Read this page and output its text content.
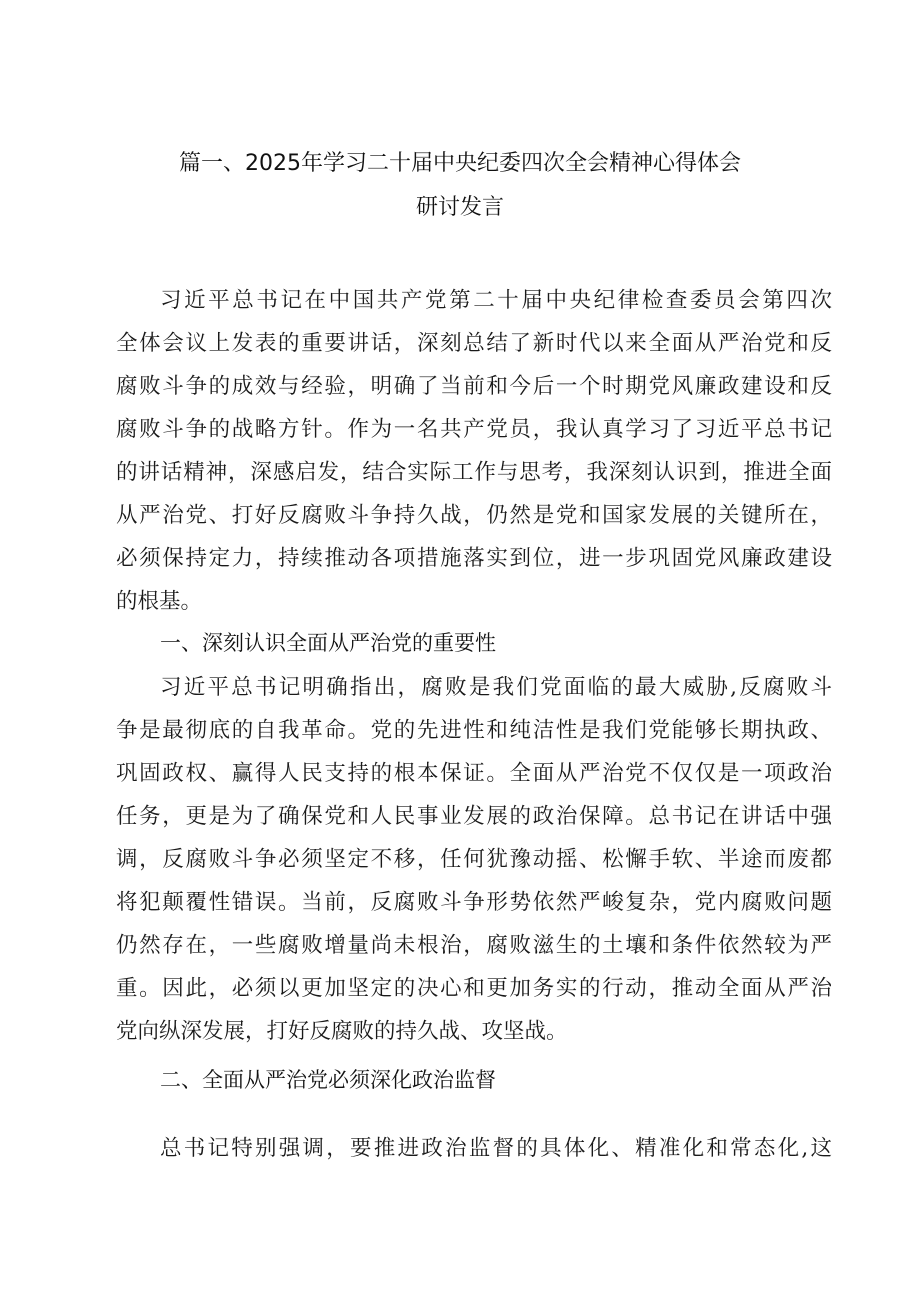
篇一、2025年学习二十届中央纪委四次全会精神心得体会
研讨发言
习近平总书记在中国共产党第二十届中央纪律检查委员会第四次
全体会议上发表的重要讲话，深刻总结了新时代以来全面从严治党和反
腐败斗争的成效与经验，明确了当前和今后一个时期党风廉政建设和反
腐败斗争的战略方针。作为一名共产党员，我认真学习了习近平总书记
的讲话精神，深感启发，结合实际工作与思考，我深刻认识到，推进全面
从严治党、打好反腐败斗争持久战，仍然是党和国家发展的关键所在，
必须保持定力，持续推动各项措施落实到位，进一步巩固党风廉政建设
的根基。
一、深刻认识全面从严治党的重要性
习近平总书记明确指出，腐败是我们党面临的最大威胁,反腐败斗
争是最彻底的自我革命。党的先进性和纯洁性是我们党能够长期执政、
巩固政权、赢得人民支持的根本保证。全面从严治党不仅仅是一项政治
任务，更是为了确保党和人民事业发展的政治保障。总书记在讲话中强
调，反腐败斗争必须坚定不移，任何犹豫动摇、松懈手软、半途而废都
将犯颠覆性错误。当前，反腐败斗争形势依然严峻复杂，党内腐败问题
仍然存在，一些腐败增量尚未根治，腐败滋生的土壤和条件依然较为严
重。因此，必须以更加坚定的决心和更加务实的行动，推动全面从严治
党向纵深发展，打好反腐败的持久战、攻坚战。
二、全面从严治党必须深化政治监督
总书记特别强调，要推进政治监督的具体化、精准化和常态化,这
